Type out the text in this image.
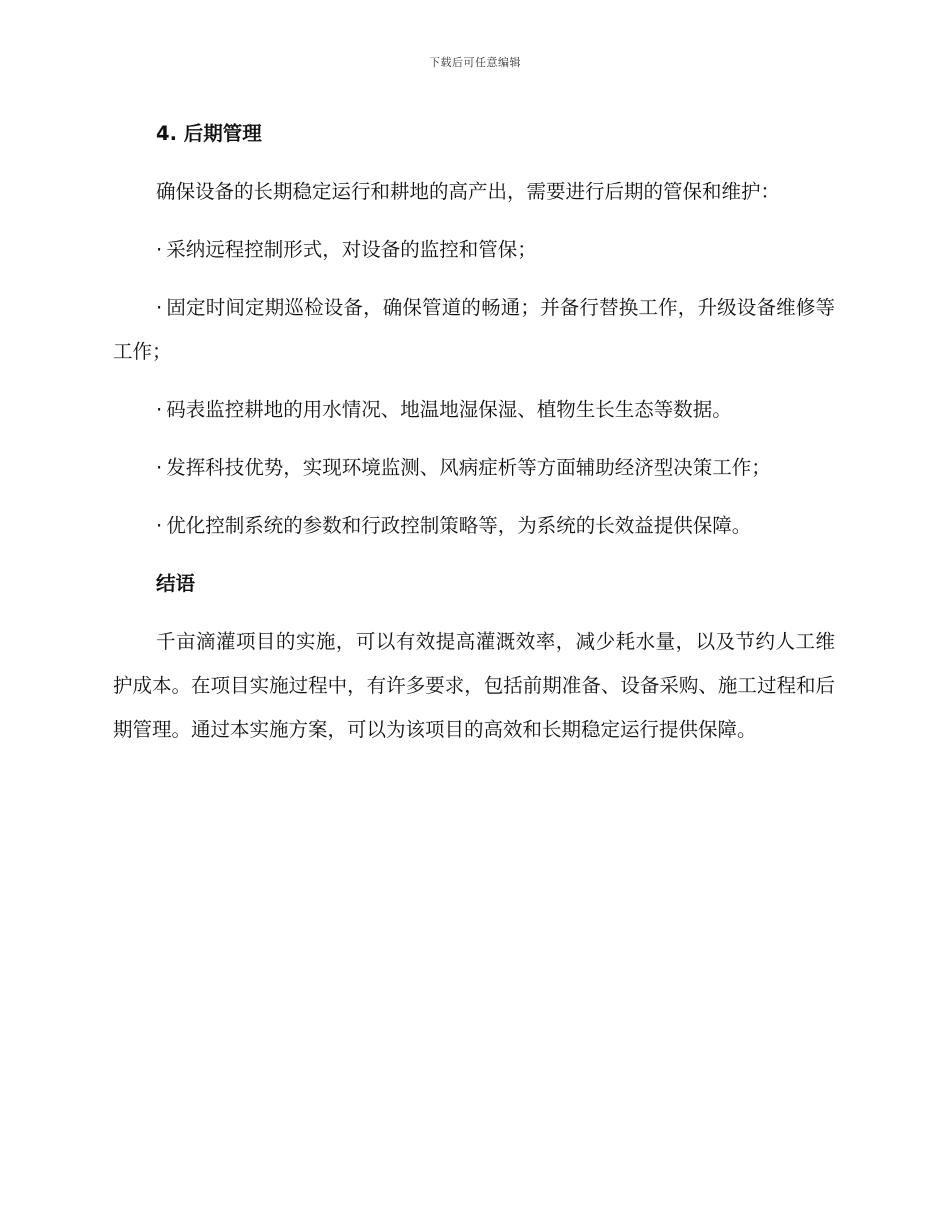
下载后可任意编辑

4. 后期管理

确保设备的长期稳定运行和耕地的高产出，需要进行后期的管保和维护：

· 采纳远程控制形式，对设备的监控和管保；

· 固定时间定期巡检设备，确保管道的畅通；并备行替换工作，升级设备维修等工作；

· 码表监控耕地的用水情况、地温地湿保湿、植物生长生态等数据。

· 发挥科技优势，实现环境监测、风病症析等方面辅助经济型决策工作；

· 优化控制系统的参数和行政控制策略等，为系统的长效益提供保障。

结语

千亩滴灌项目的实施，可以有效提高灌溉效率，减少耗水量，以及节约人工维护成本。在项目实施过程中，有许多要求，包括前期准备、设备采购、施工过程和后期管理。通过本实施方案，可以为该项目的高效和长期稳定运行提供保障。
